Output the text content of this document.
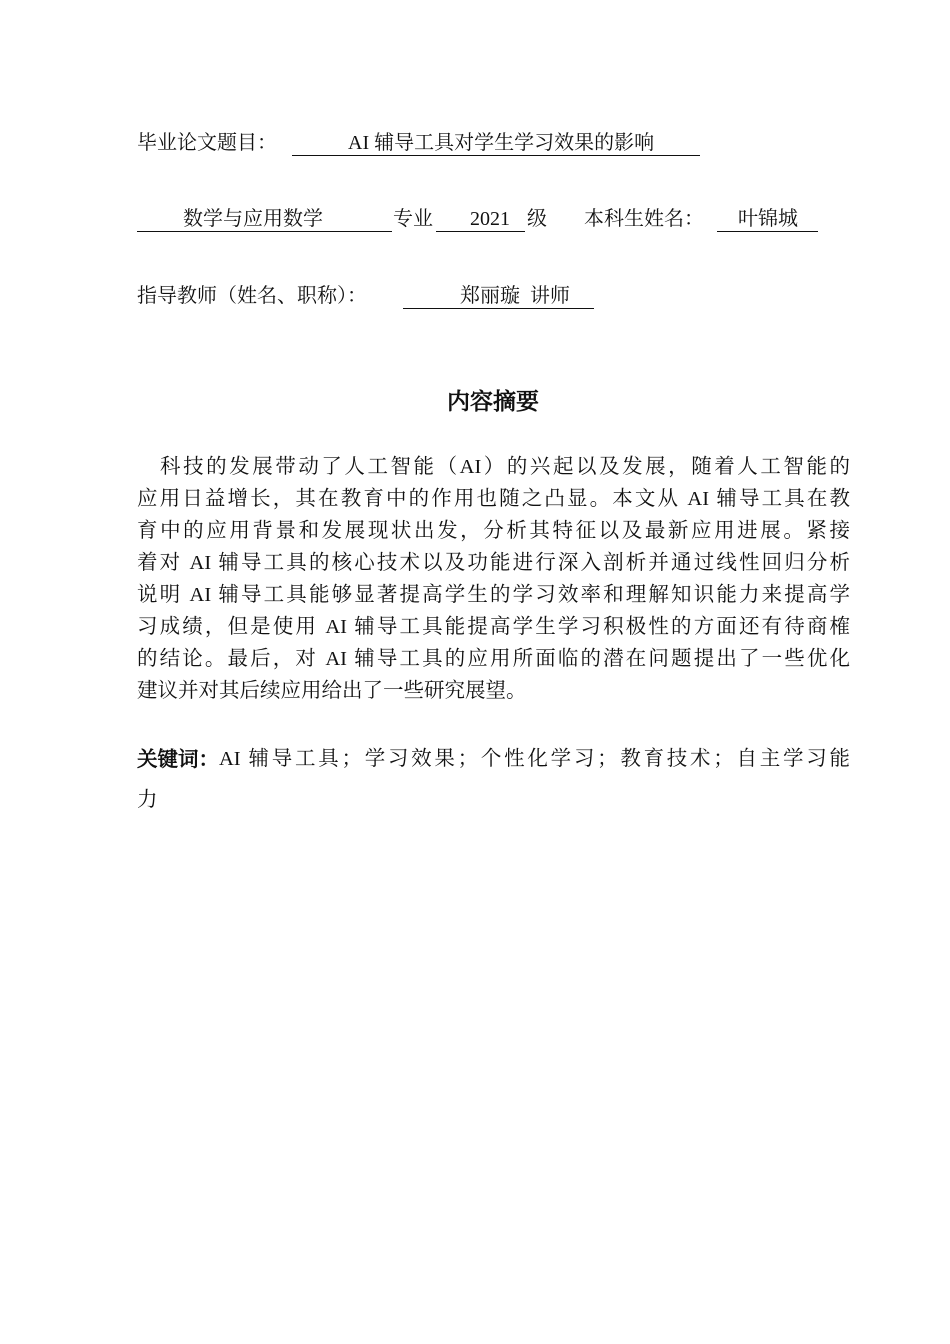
毕业论文题目：	AI 辅导工具对学生学习效果的影响
数学与应用数学	专业	2021 级 本科生姓名：	叶锦城
指导教师（姓名、职称）：	郑丽璇  讲师
内容摘要
　科技的发展带动了人工智能（AI）的兴起以及发展，随着人工智能的
应用日益增长，其在教育中的作用也随之凸显。本文从 AI 辅导工具在教
育中的应用背景和发展现状出发，分析其特征以及最新应用进展。紧接
着对 AI 辅导工具的核心技术以及功能进行深入剖析并通过线性回归分析
说明 AI 辅导工具能够显著提高学生的学习效率和理解知识能力来提高学
习成绩，但是使用 AI 辅导工具能提高学生学习积极性的方面还有待商榷
的结论。最后，对 AI 辅导工具的应用所面临的潜在问题提出了一些优化
建议并对其后续应用给出了一些研究展望。
关键词： AI 辅导工具；学习效果；个性化学习；教育技术；自主学习能
力
